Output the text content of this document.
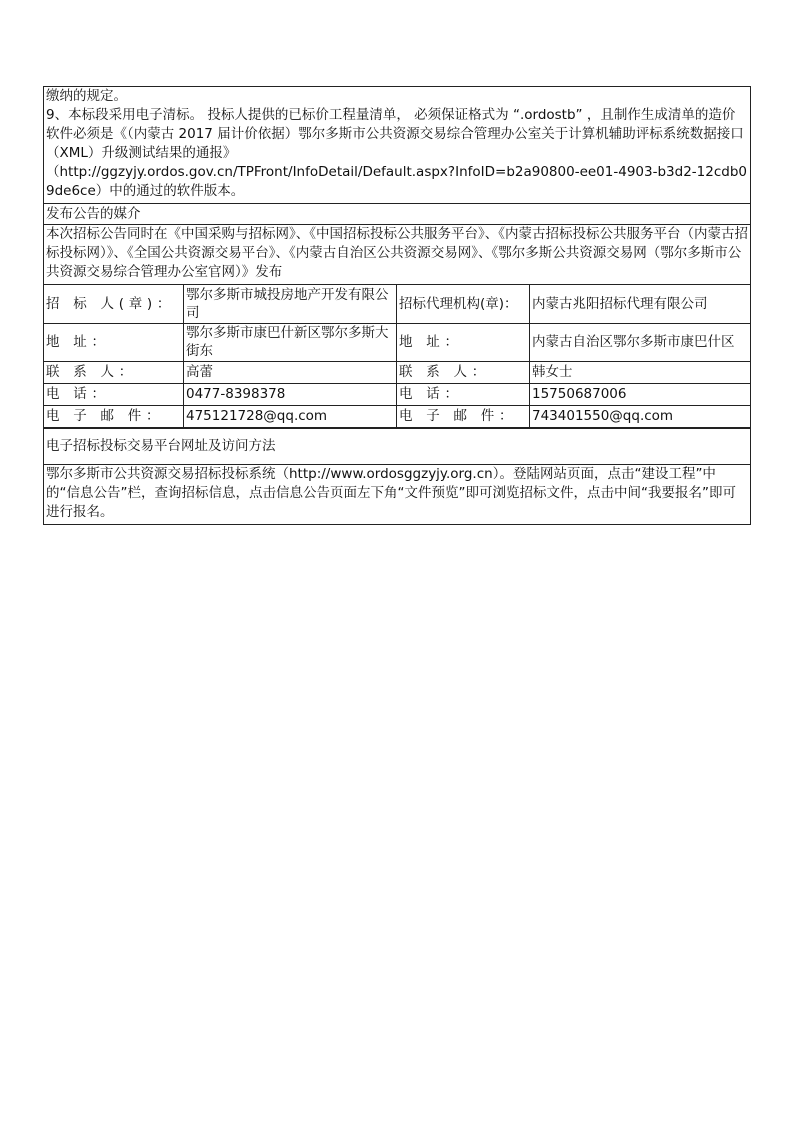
缴纳的规定。
9、本标段采用电子清标。 投标人提供的已标价工程量清单， 必须保证格式为 “.ordostb” ，且制作生成清单的造价软件必须是《（内蒙古 2017 届计价依据）鄂尔多斯市公共资源交易综合管理办公室关于计算机辅助评标系统数据接口（XML）升级测试结果的通报》
（http://ggzyjy.ordos.gov.cn/TPFront/InfoDetail/Default.aspx?InfoID=b2a90800-ee01-4903-b3d2-12cdb09de6ce）中的通过的软件版本。
发布公告的媒介
本次招标公告同时在《中国采购与招标网》、《中国招标投标公共服务平台》、《内蒙古招标投标公共服务平台（内蒙古招标投标网）》、《全国公共资源交易平台》、《内蒙古自治区公共资源交易网》、《鄂尔多斯公共资源交易网（鄂尔多斯市公共资源交易综合管理办公室官网）》发布
招 标 人(章)：	鄂尔多斯市城投房地产开发有限公司	招标代理机构(章)：	内蒙古兆阳招标代理有限公司
地 址：	鄂尔多斯市康巴什新区鄂尔多斯大街东	地 址：	内蒙古自治区鄂尔多斯市康巴什区
联 系 人：	高蕾	联 系 人：	韩女士
电 话：	0477-8398378	电 话：	15750687006
电 子 邮 件：	475121728@qq.com	电 子 邮 件：	743401550@qq.com
电子招标投标交易平台网址及访问方法
鄂尔多斯市公共资源交易招标投标系统（http://www.ordosggzyjy.org.cn）。登陆网站页面，点击“建设工程”中的“信息公告”栏，查询招标信息，点击信息公告页面左下角“文件预览”即可浏览招标文件，点击中间“我要报名”即可进行报名。
